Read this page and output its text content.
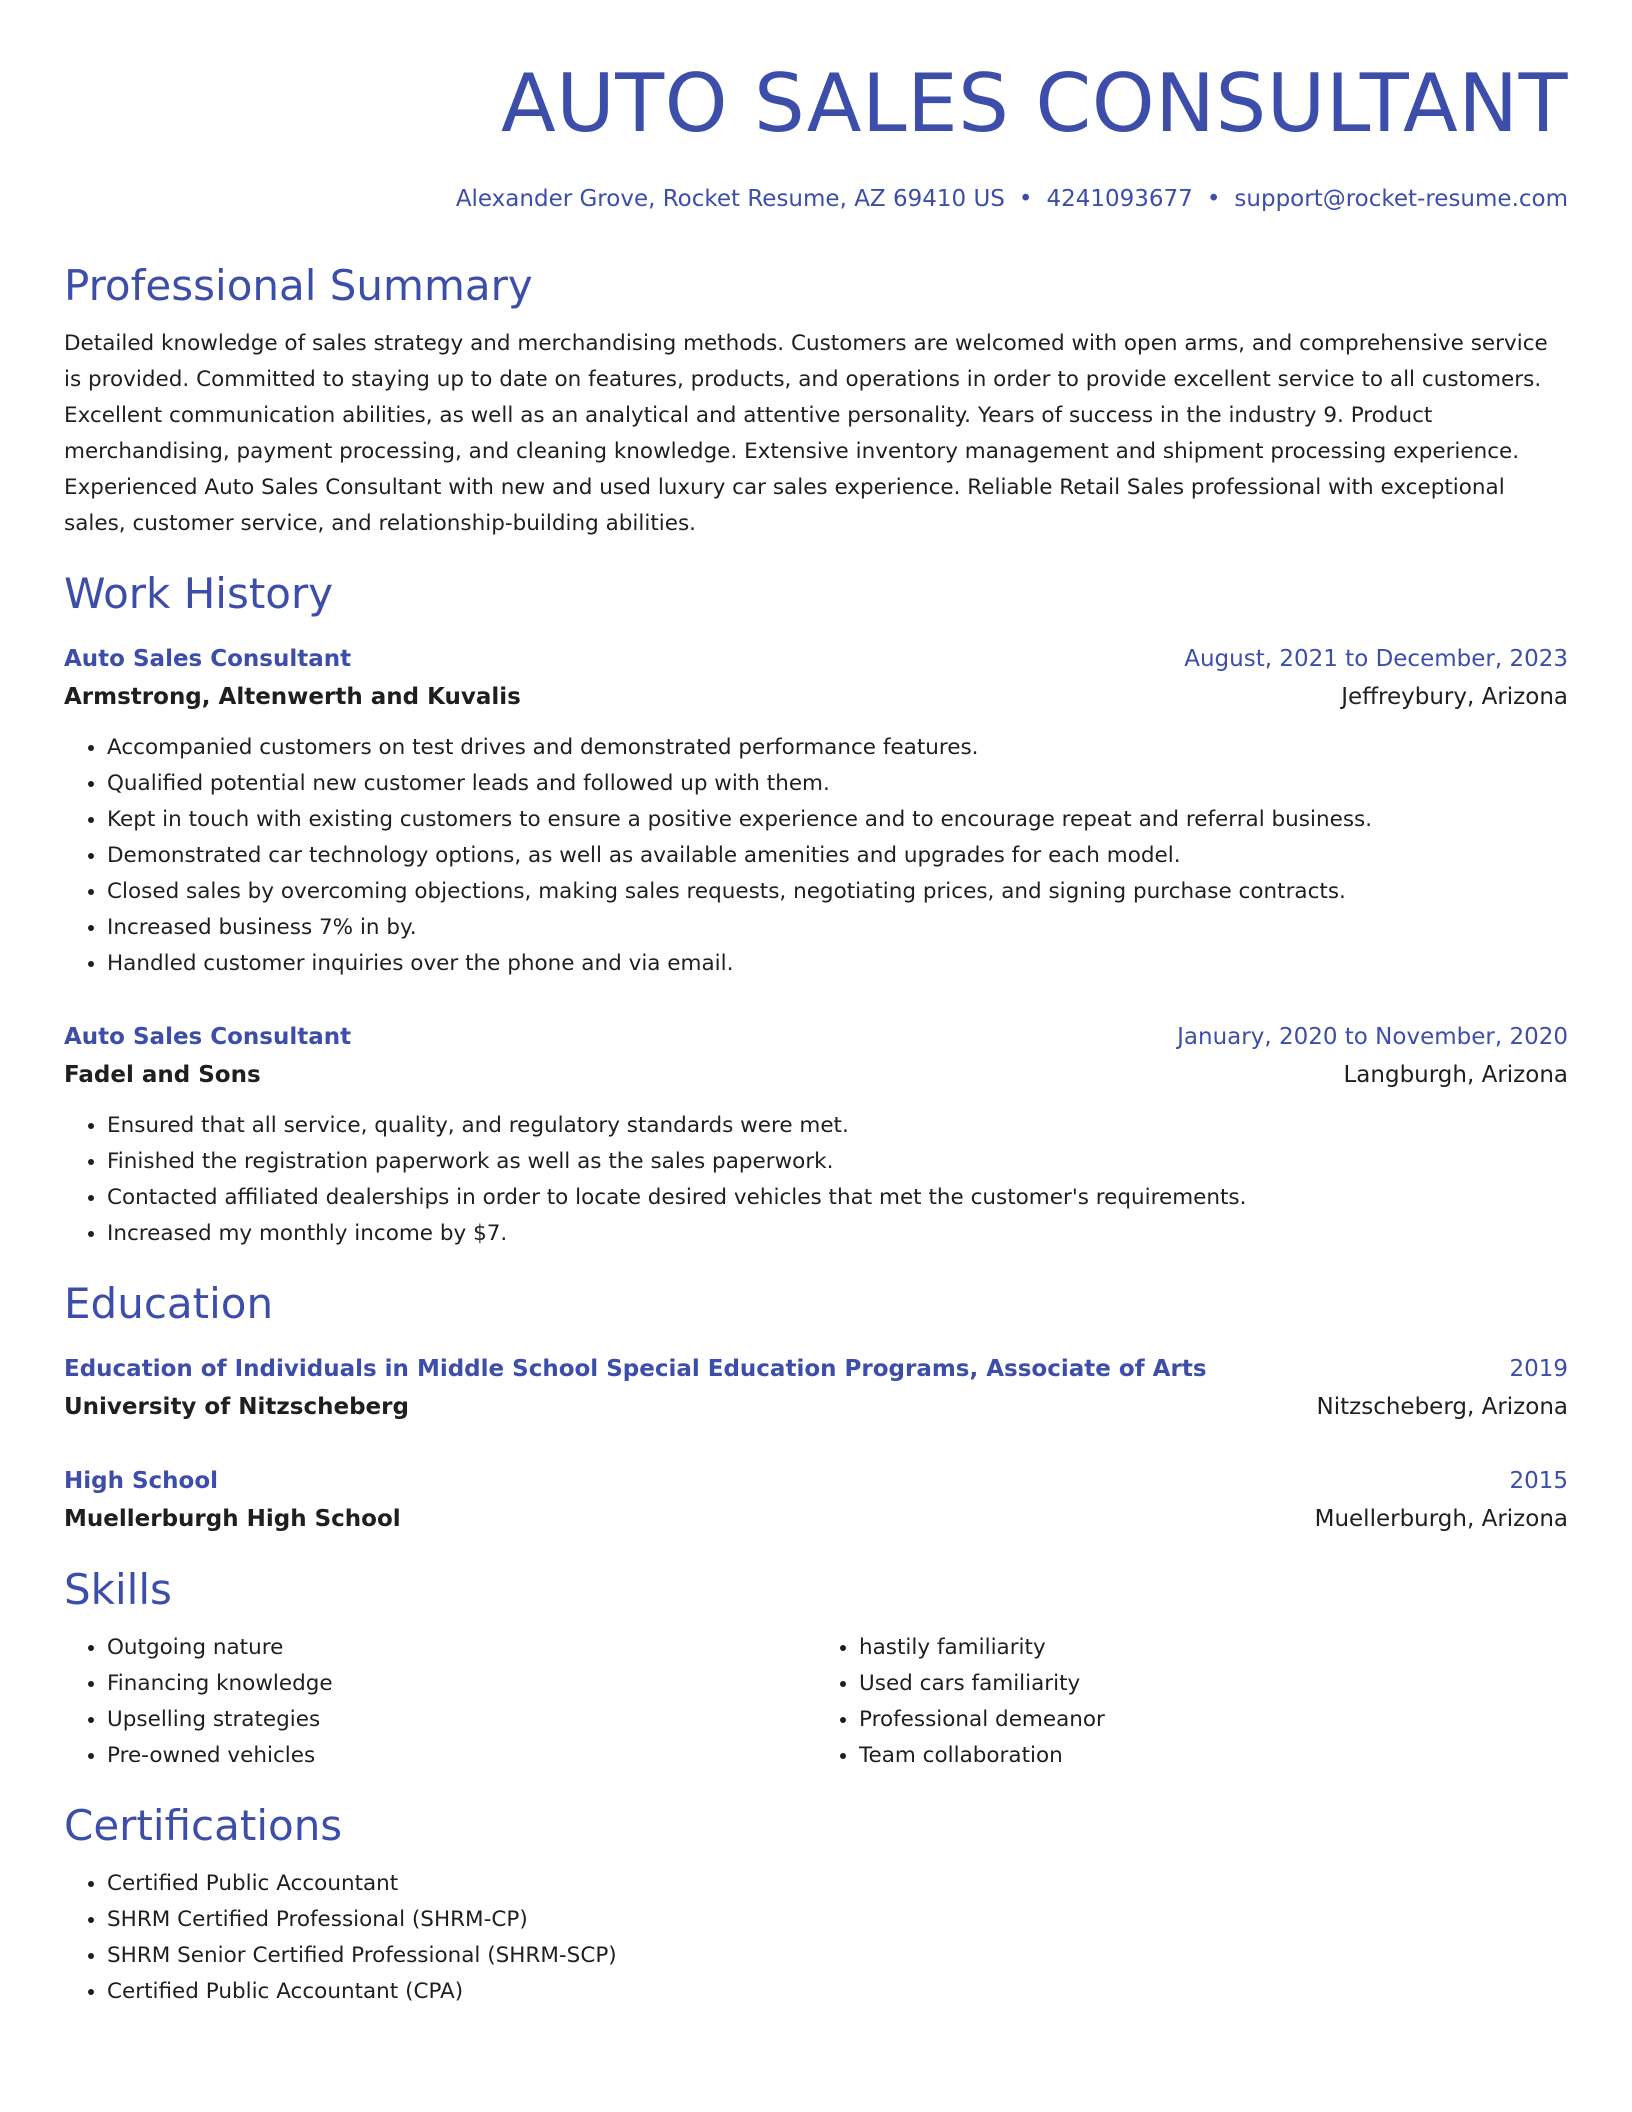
AUTO SALES CONSULTANT
Alexander Grove, Rocket Resume, AZ 69410 US • 4241093677 • support@rocket-resume.com
Professional Summary
Detailed knowledge of sales strategy and merchandising methods. Customers are welcomed with open arms, and comprehensive service is provided. Committed to staying up to date on features, products, and operations in order to provide excellent service to all customers. Excellent communication abilities, as well as an analytical and attentive personality. Years of success in the industry 9. Product merchandising, payment processing, and cleaning knowledge. Extensive inventory management and shipment processing experience. Experienced Auto Sales Consultant with new and used luxury car sales experience. Reliable Retail Sales professional with exceptional sales, customer service, and relationship-building abilities.
Work History
Auto Sales Consultant	August, 2021 to December, 2023
Armstrong, Altenwerth and Kuvalis	Jeffreybury, Arizona
• Accompanied customers on test drives and demonstrated performance features.
• Qualified potential new customer leads and followed up with them.
• Kept in touch with existing customers to ensure a positive experience and to encourage repeat and referral business.
• Demonstrated car technology options, as well as available amenities and upgrades for each model.
• Closed sales by overcoming objections, making sales requests, negotiating prices, and signing purchase contracts.
• Increased business 7% in by.
• Handled customer inquiries over the phone and via email.
Auto Sales Consultant	January, 2020 to November, 2020
Fadel and Sons	Langburgh, Arizona
• Ensured that all service, quality, and regulatory standards were met.
• Finished the registration paperwork as well as the sales paperwork.
• Contacted affiliated dealerships in order to locate desired vehicles that met the customer's requirements.
• Increased my monthly income by $7.
Education
Education of Individuals in Middle School Special Education Programs, Associate of Arts	2019
University of Nitzscheberg	Nitzscheberg, Arizona
High School	2015
Muellerburgh High School	Muellerburgh, Arizona
Skills
• Outgoing nature
• Financing knowledge
• Upselling strategies
• Pre-owned vehicles
• hastily familiarity
• Used cars familiarity
• Professional demeanor
• Team collaboration
Certifications
• Certified Public Accountant
• SHRM Certified Professional (SHRM-CP)
• SHRM Senior Certified Professional (SHRM-SCP)
• Certified Public Accountant (CPA)
